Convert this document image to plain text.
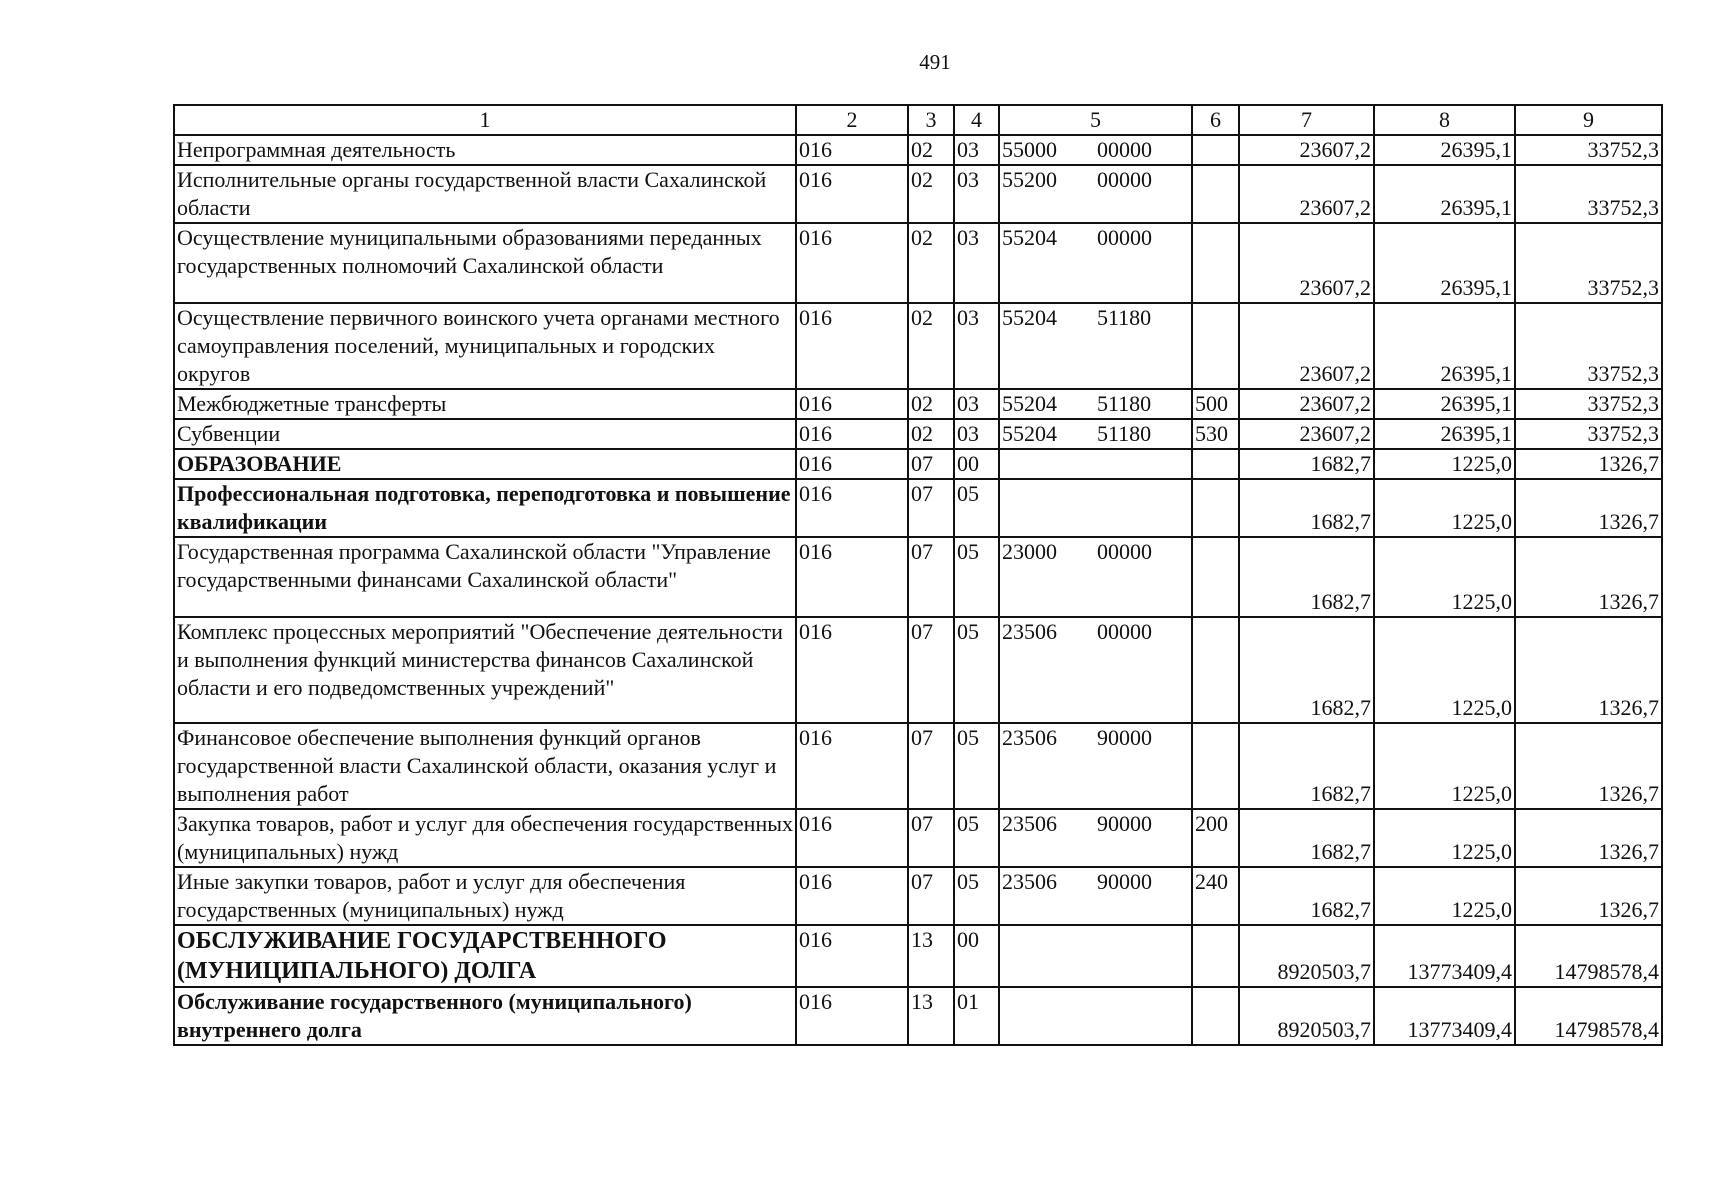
491
1	2	3	4	5	6	7	8	9
Непрограммная деятельность	016	02	03	55000 00000		23607,2	26395,1	33752,3
Исполнительные органы государственной власти Сахалинской области	016	02	03	55200 00000		23607,2	26395,1	33752,3
Осуществление муниципальными образованиями переданных государственных полномочий Сахалинской области	016	02	03	55204 00000		23607,2	26395,1	33752,3
Осуществление первичного воинского учета органами местного самоуправления поселений, муниципальных и городских округов	016	02	03	55204 51180		23607,2	26395,1	33752,3
Межбюджетные трансферты	016	02	03	55204 51180	500	23607,2	26395,1	33752,3
Субвенции	016	02	03	55204 51180	530	23607,2	26395,1	33752,3
ОБРАЗОВАНИЕ	016	07	00			1682,7	1225,0	1326,7
Профессиональная подготовка, переподготовка и повышение квалификации	016	07	05			1682,7	1225,0	1326,7
Государственная программа Сахалинской области "Управление государственными финансами Сахалинской области"	016	07	05	23000 00000		1682,7	1225,0	1326,7
Комплекс процессных мероприятий "Обеспечение деятельности и выполнения функций министерства финансов Сахалинской области и его подведомственных учреждений"	016	07	05	23506 00000		1682,7	1225,0	1326,7
Финансовое обеспечение выполнения функций органов государственной власти Сахалинской области, оказания услуг и выполнения работ	016	07	05	23506 90000		1682,7	1225,0	1326,7
Закупка товаров, работ и услуг для обеспечения государственных (муниципальных) нужд	016	07	05	23506 90000	200	1682,7	1225,0	1326,7
Иные закупки товаров, работ и услуг для обеспечения государственных (муниципальных) нужд	016	07	05	23506 90000	240	1682,7	1225,0	1326,7
ОБСЛУЖИВАНИЕ ГОСУДАРСТВЕННОГО (МУНИЦИПАЛЬНОГО) ДОЛГА	016	13	00			8920503,7	13773409,4	14798578,4
Обслуживание государственного (муниципального) внутреннего долга	016	13	01			8920503,7	13773409,4	14798578,4
